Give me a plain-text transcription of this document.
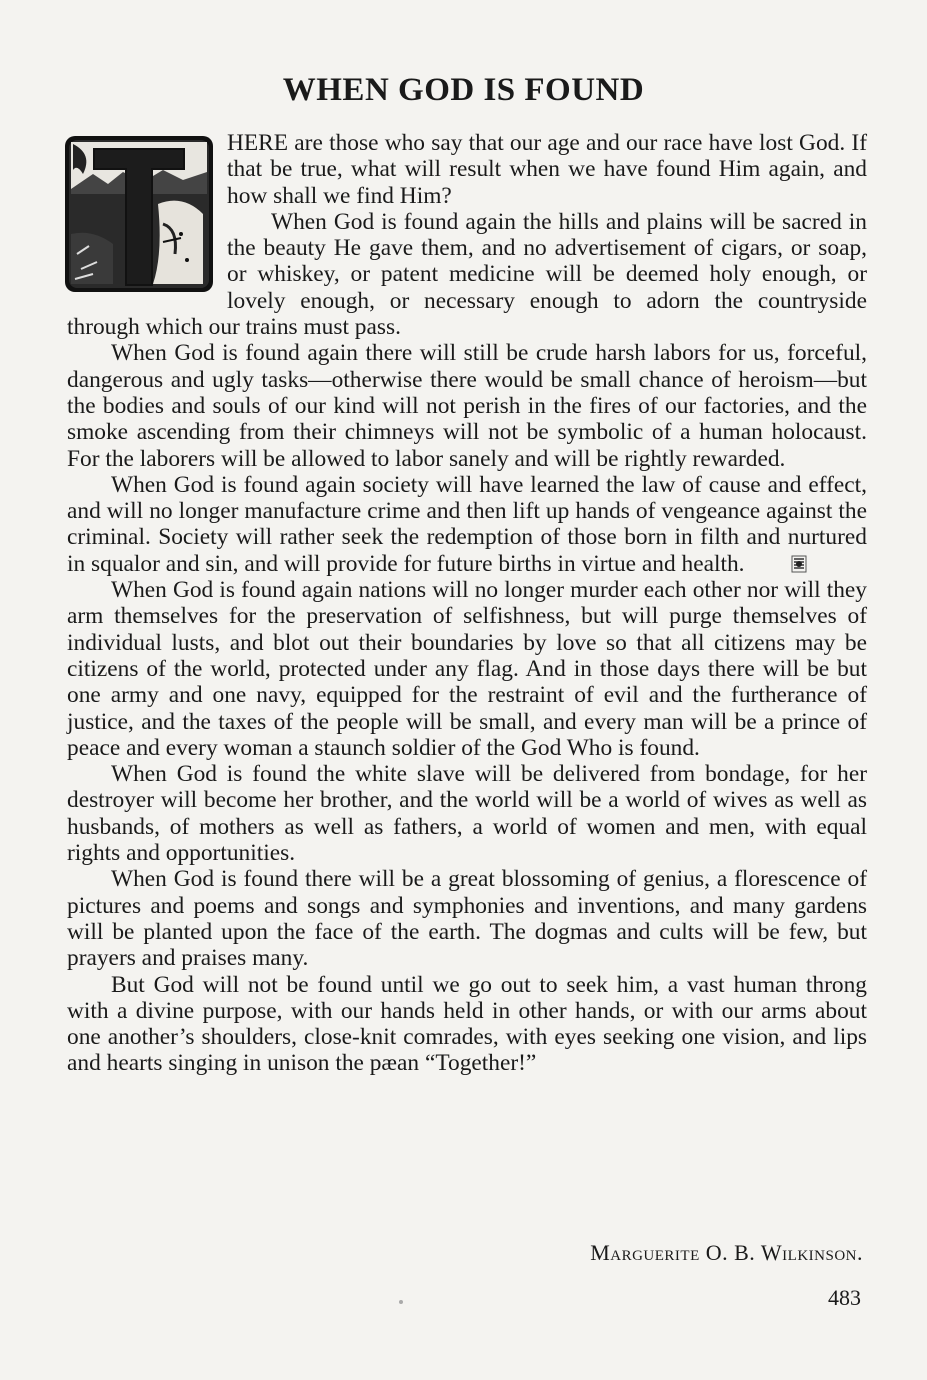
WHEN GOD IS FOUND

HERE are those who say that our age and our race have lost God. If that be true, what will result when we have found Him again, and how shall we find Him?

When God is found again the hills and plains will be sacred in the beauty He gave them, and no advertisement of cigars, or soap, or whiskey, or patent medicine will be deemed holy enough, or lovely enough, or necessary enough to adorn the countryside through which our trains must pass.

When God is found again there will still be crude harsh labors for us, forceful, dangerous and ugly tasks—otherwise there would be small chance of heroism—but the bodies and souls of our kind will not perish in the fires of our factories, and the smoke ascending from their chimneys will not be symbolic of a human holocaust. For the laborers will be allowed to labor sanely and will be rightly rewarded.

When God is found again society will have learned the law of cause and effect, and will no longer manufacture crime and then lift up hands of vengeance against the criminal. Society will rather seek the redemption of those born in filth and nurtured in squalor and sin, and will provide for future births in virtue and health.

When God is found again nations will no longer murder each other nor will they arm themselves for the preservation of selfishness, but will purge themselves of individual lusts, and blot out their boundaries by love so that all citizens may be citizens of the world, protected under any flag. And in those days there will be but one army and one navy, equipped for the restraint of evil and the furtherance of justice, and the taxes of the people will be small, and every man will be a prince of peace and every woman a staunch soldier of the God Who is found.

When God is found the white slave will be delivered from bondage, for her destroyer will become her brother, and the world will be a world of wives as well as husbands, of mothers as well as fathers, a world of women and men, with equal rights and opportunities.

When God is found there will be a great blossoming of genius, a florescence of pictures and poems and songs and symphonies and inventions, and many gardens will be planted upon the face of the earth. The dogmas and cults will be few, but prayers and praises many.

But God will not be found until we go out to seek him, a vast human throng with a divine purpose, with our hands held in other hands, or with our arms about one another’s shoulders, close-knit comrades, with eyes seeking one vision, and lips and hearts singing in unison the pæan “Together!”

Marguerite O. B. Wilkinson.
483
